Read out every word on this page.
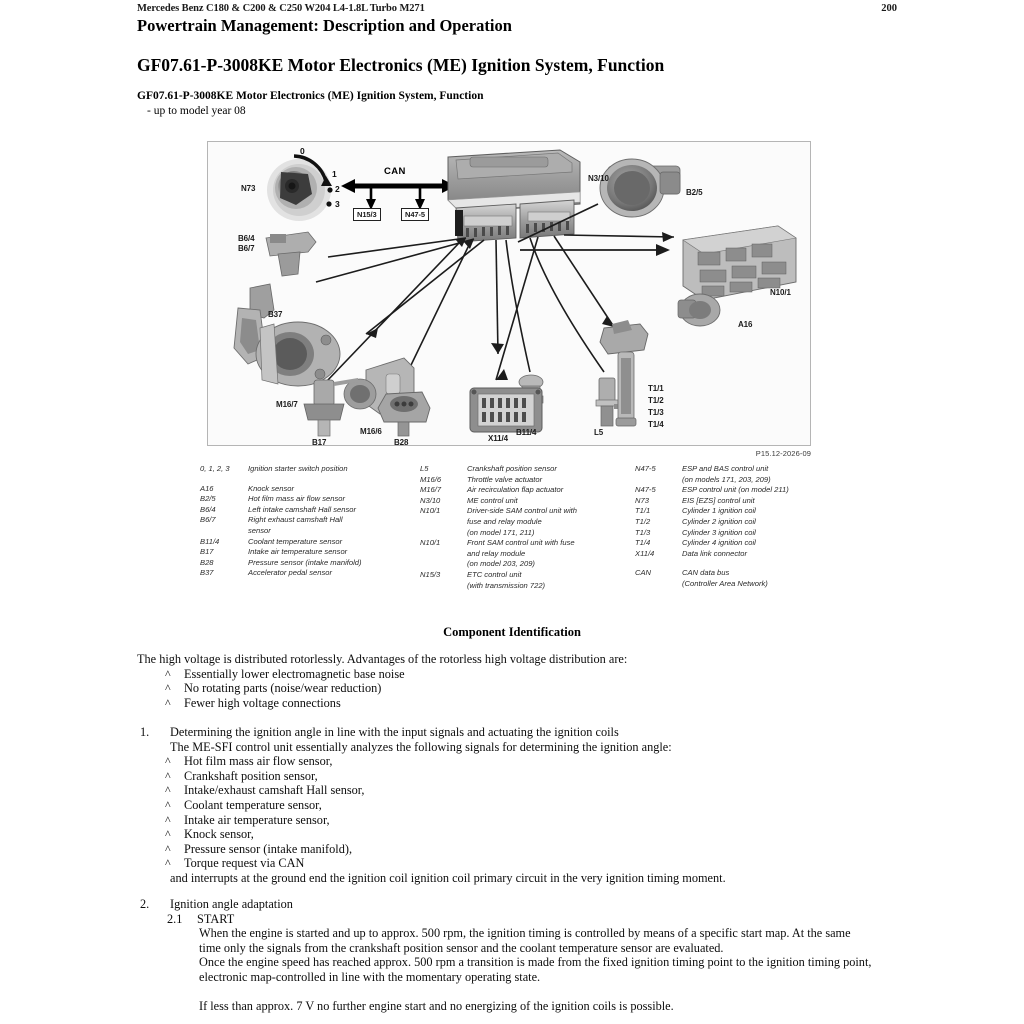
Mercedes Benz C180 & C200 & C250 W204 L4-1.8L Turbo M271	200
Powertrain Management: Description and Operation
GF07.61-P-3008KE Motor Electronics (ME) Ignition System, Function
GF07.61-P-3008KE Motor Electronics (ME) Ignition System, Function
- up to model year 08
0
1
2
3
N73
CAN
N15/3	N47-5
N3/10
B2/5
N10/1
B6/4
B6/7
B37
A16
M16/7
M16/6	B11/4	L5
B17	B28	X11/4
T1/1
T1/2
T1/3
T1/4
P15.12-2026-09
0, 1, 2, 3	Ignition starter switch position
A16	Knock sensor
B2/5	Hot film mass air flow sensor
B6/4	Left intake camshaft Hall sensor
B6/7	Right exhaust camshaft Hall
sensor
B11/4	Coolant temperature sensor
B17	Intake air temperature sensor
B28	Pressure sensor (intake manifold)
B37	Accelerator pedal sensor
L5	Crankshaft position sensor
M16/6	Throttle valve actuator
M16/7	Air recirculation flap actuator
N3/10	ME control unit
N10/1	Driver-side SAM control unit with
fuse and relay module
(on model 171, 211)
N10/1	Front SAM control unit with fuse
and relay module
(on model 203, 209)
N15/3	ETC control unit
(with transmission 722)
N47-5	ESP and BAS control unit
(on models 171, 203, 209)
N47-5	ESP control unit (on model 211)
N73	EIS [EZS] control unit
T1/1	Cylinder 1 ignition coil
T1/2	Cylinder 2 ignition coil
T1/3	Cylinder 3 ignition coil
T1/4	Cylinder 4 ignition coil
X11/4	Data link connector
CAN	CAN data bus
(Controller Area Network)
Component Identification
The high voltage is distributed rotorlessly. Advantages of the rotorless high voltage distribution are:
^	Essentially lower electromagnetic base noise
^	No rotating parts (noise/wear reduction)
^	Fewer high voltage connections
1.	Determining the ignition angle in line with the input signals and actuating the ignition coils
The ME-SFI control unit essentially analyzes the following signals for determining the ignition angle:
^	Hot film mass air flow sensor,
^	Crankshaft position sensor,
^	Intake/exhaust camshaft Hall sensor,
^	Coolant temperature sensor,
^	Intake air temperature sensor,
^	Knock sensor,
^	Pressure sensor (intake manifold),
^	Torque request via CAN
and interrupts at the ground end the ignition coil ignition coil primary circuit in the very ignition timing moment.
2.	Ignition angle adaptation
2.1	START
When the engine is started and up to approx. 500 rpm, the ignition timing is controlled by means of a specific start map. At the same
time only the signals from the crankshaft position sensor and the coolant temperature sensor are evaluated.
Once the engine speed has reached approx. 500 rpm a transition is made from the fixed ignition timing point to the ignition timing point,
electronic map-controlled in line with the momentary operating state.
If less than approx. 7 V no further engine start and no energizing of the ignition coils is possible.
